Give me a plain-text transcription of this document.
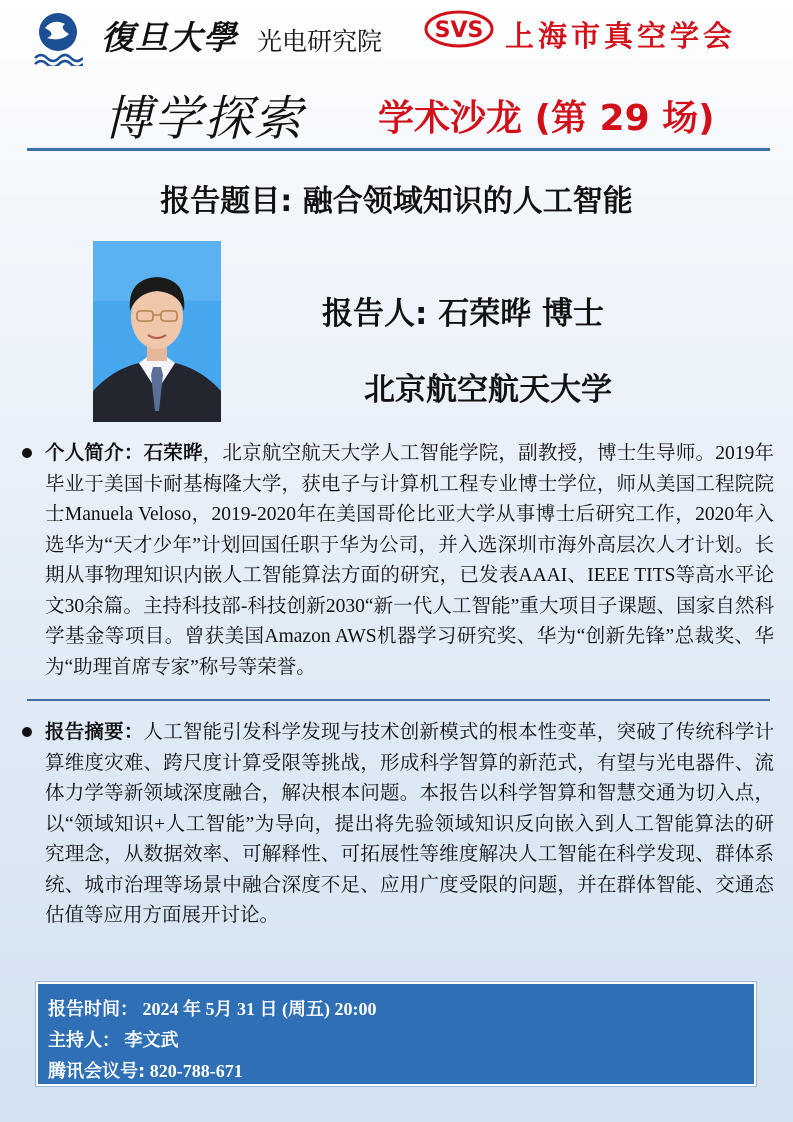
復旦大學 光电研究院 SVS 上海市真空学会
博学探索 学术沙龙 (第 29 场)
报告题目: 融合领域知识的人工智能
报告人: 石荣晔 博士
北京航空航天大学
个人简介：石荣晔，北京航空航天大学人工智能学院，副教授，博士生导师。2019年毕业于美国卡耐基梅隆大学，获电子与计算机工程专业博士学位，师从美国工程院院士Manuela Veloso，2019-2020年在美国哥伦比亚大学从事博士后研究工作，2020年入选华为“天才少年”计划回国任职于华为公司，并入选深圳市海外高层次人才计划。长期从事物理知识内嵌人工智能算法方面的研究，已发表AAAI、IEEE TITS等高水平论文30余篇。主持科技部-科技创新2030“新一代人工智能”重大项目子课题、国家自然科学基金等项目。曾获美国Amazon AWS机器学习研究奖、华为“创新先锋”总裁奖、华为“助理首席专家”称号等荣誉。
报告摘要：人工智能引发科学发现与技术创新模式的根本性变革，突破了传统科学计算维度灾难、跨尺度计算受限等挑战，形成科学智算的新范式，有望与光电器件、流体力学等新领域深度融合，解决根本问题。本报告以科学智算和智慧交通为切入点，以“领域知识+人工智能”为导向，提出将先验领域知识反向嵌入到人工智能算法的研究理念，从数据效率、可解释性、可拓展性等维度解决人工智能在科学发现、群体系统、城市治理等场景中融合深度不足、应用广度受限的问题，并在群体智能、交通态估值等应用方面展开讨论。
报告时间： 2024 年 5月 31 日 (周五) 20:00
主持人： 李文武
腾讯会议号: 820-788-671
